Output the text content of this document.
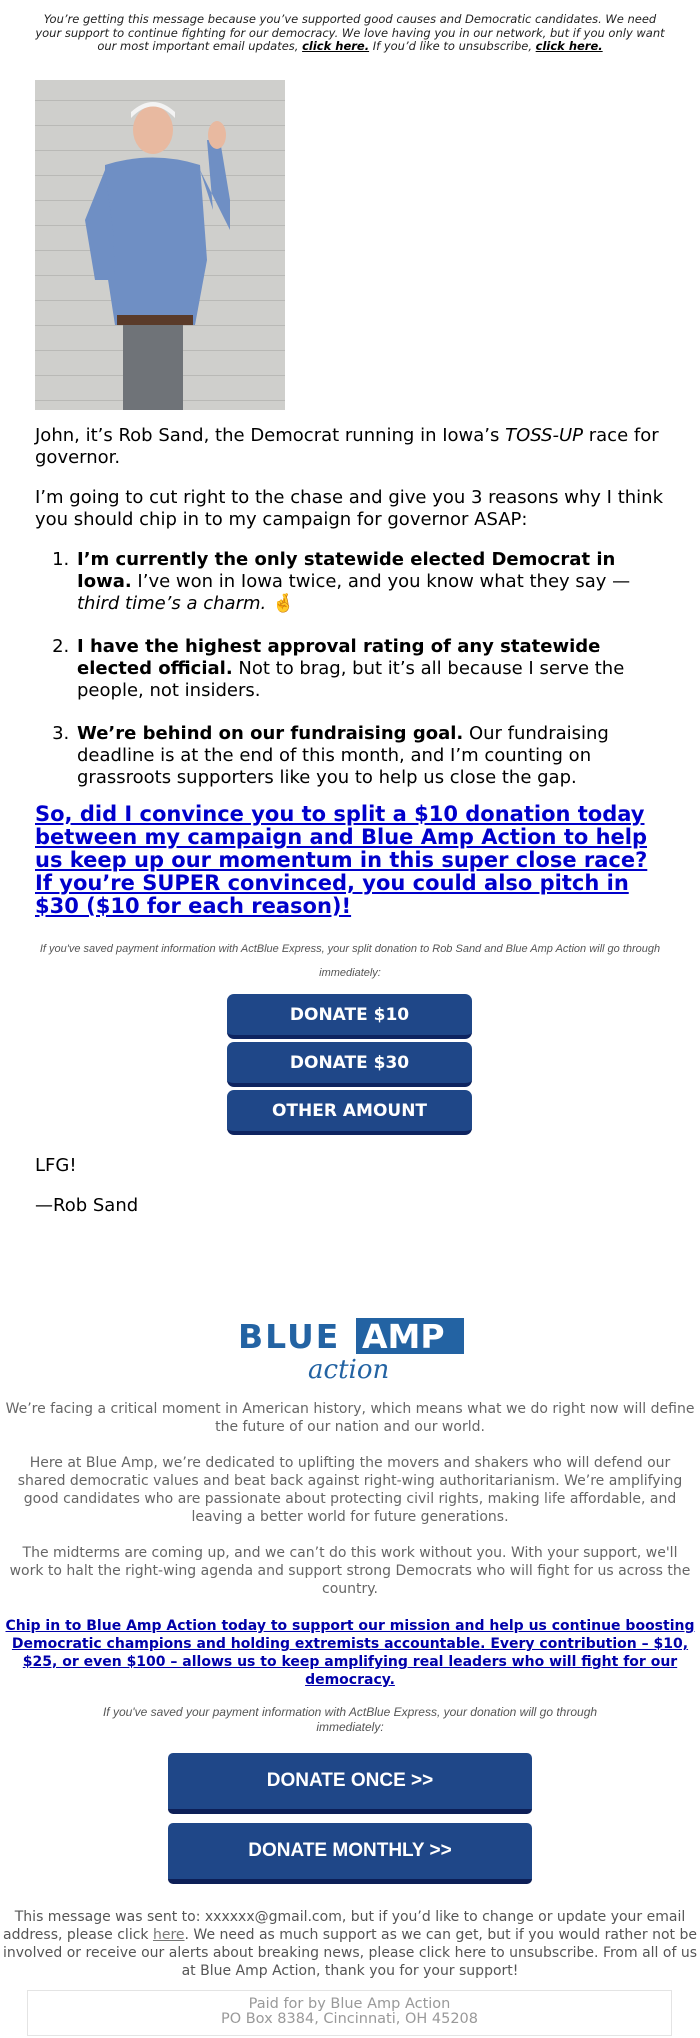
You’re getting this message because you’ve supported good causes and Democratic candidates. We need your support to continue fighting for our democracy. We love having you in our network, but if you only want our most important email updates, click here. If you’d like to unsubscribe, click here.

John, it’s Rob Sand, the Democrat running in Iowa’s TOSS-UP race for governor.

I’m going to cut right to the chase and give you 3 reasons why I think you should chip in to my campaign for governor ASAP:

1. I’m currently the only statewide elected Democrat in Iowa. I’ve won in Iowa twice, and you know what they say — third time’s a charm. 🤞
2. I have the highest approval rating of any statewide elected official. Not to brag, but it’s all because I serve the people, not insiders.
3. We’re behind on our fundraising goal. Our fundraising deadline is at the end of this month, and I’m counting on grassroots supporters like you to help us close the gap.
So, did I convince you to split a $10 donation today between my campaign and Blue Amp Action to help us keep up our momentum in this super close race? If you’re SUPER convinced, you could also pitch in $30 ($10 for each reason)!
If you've saved payment information with ActBlue Express, your split donation to Rob Sand and Blue Amp Action will go through immediately:
DONATE $10
DONATE $30
OTHER AMOUNT
LFG!
—Rob Sand
BLUE AMP
action
We’re facing a critical moment in American history, which means what we do right now will define the future of our nation and our world.
Here at Blue Amp, we’re dedicated to uplifting the movers and shakers who will defend our shared democratic values and beat back against right-wing authoritarianism. We’re amplifying good candidates who are passionate about protecting civil rights, making life affordable, and leaving a better world for future generations.
The midterms are coming up, and we can’t do this work without you. With your support, we'll work to halt the right-wing agenda and support strong Democrats who will fight for us across the country.
Chip in to Blue Amp Action today to support our mission and help us continue boosting Democratic champions and holding extremists accountable. Every contribution – $10, $25, or even $100 – allows us to keep amplifying real leaders who will fight for our democracy.
If you've saved your payment information with ActBlue Express, your donation will go through immediately:
DONATE ONCE >>
DONATE MONTHLY >>
This message was sent to: xxxxxx@gmail.com, but if you’d like to change or update your email address, please click here. We need as much support as we can get, but if you would rather not be involved or receive our alerts about breaking news, please click here to unsubscribe. From all of us at Blue Amp Action, thank you for your support!
Paid for by Blue Amp Action
PO Box 8384, Cincinnati, OH 45208
